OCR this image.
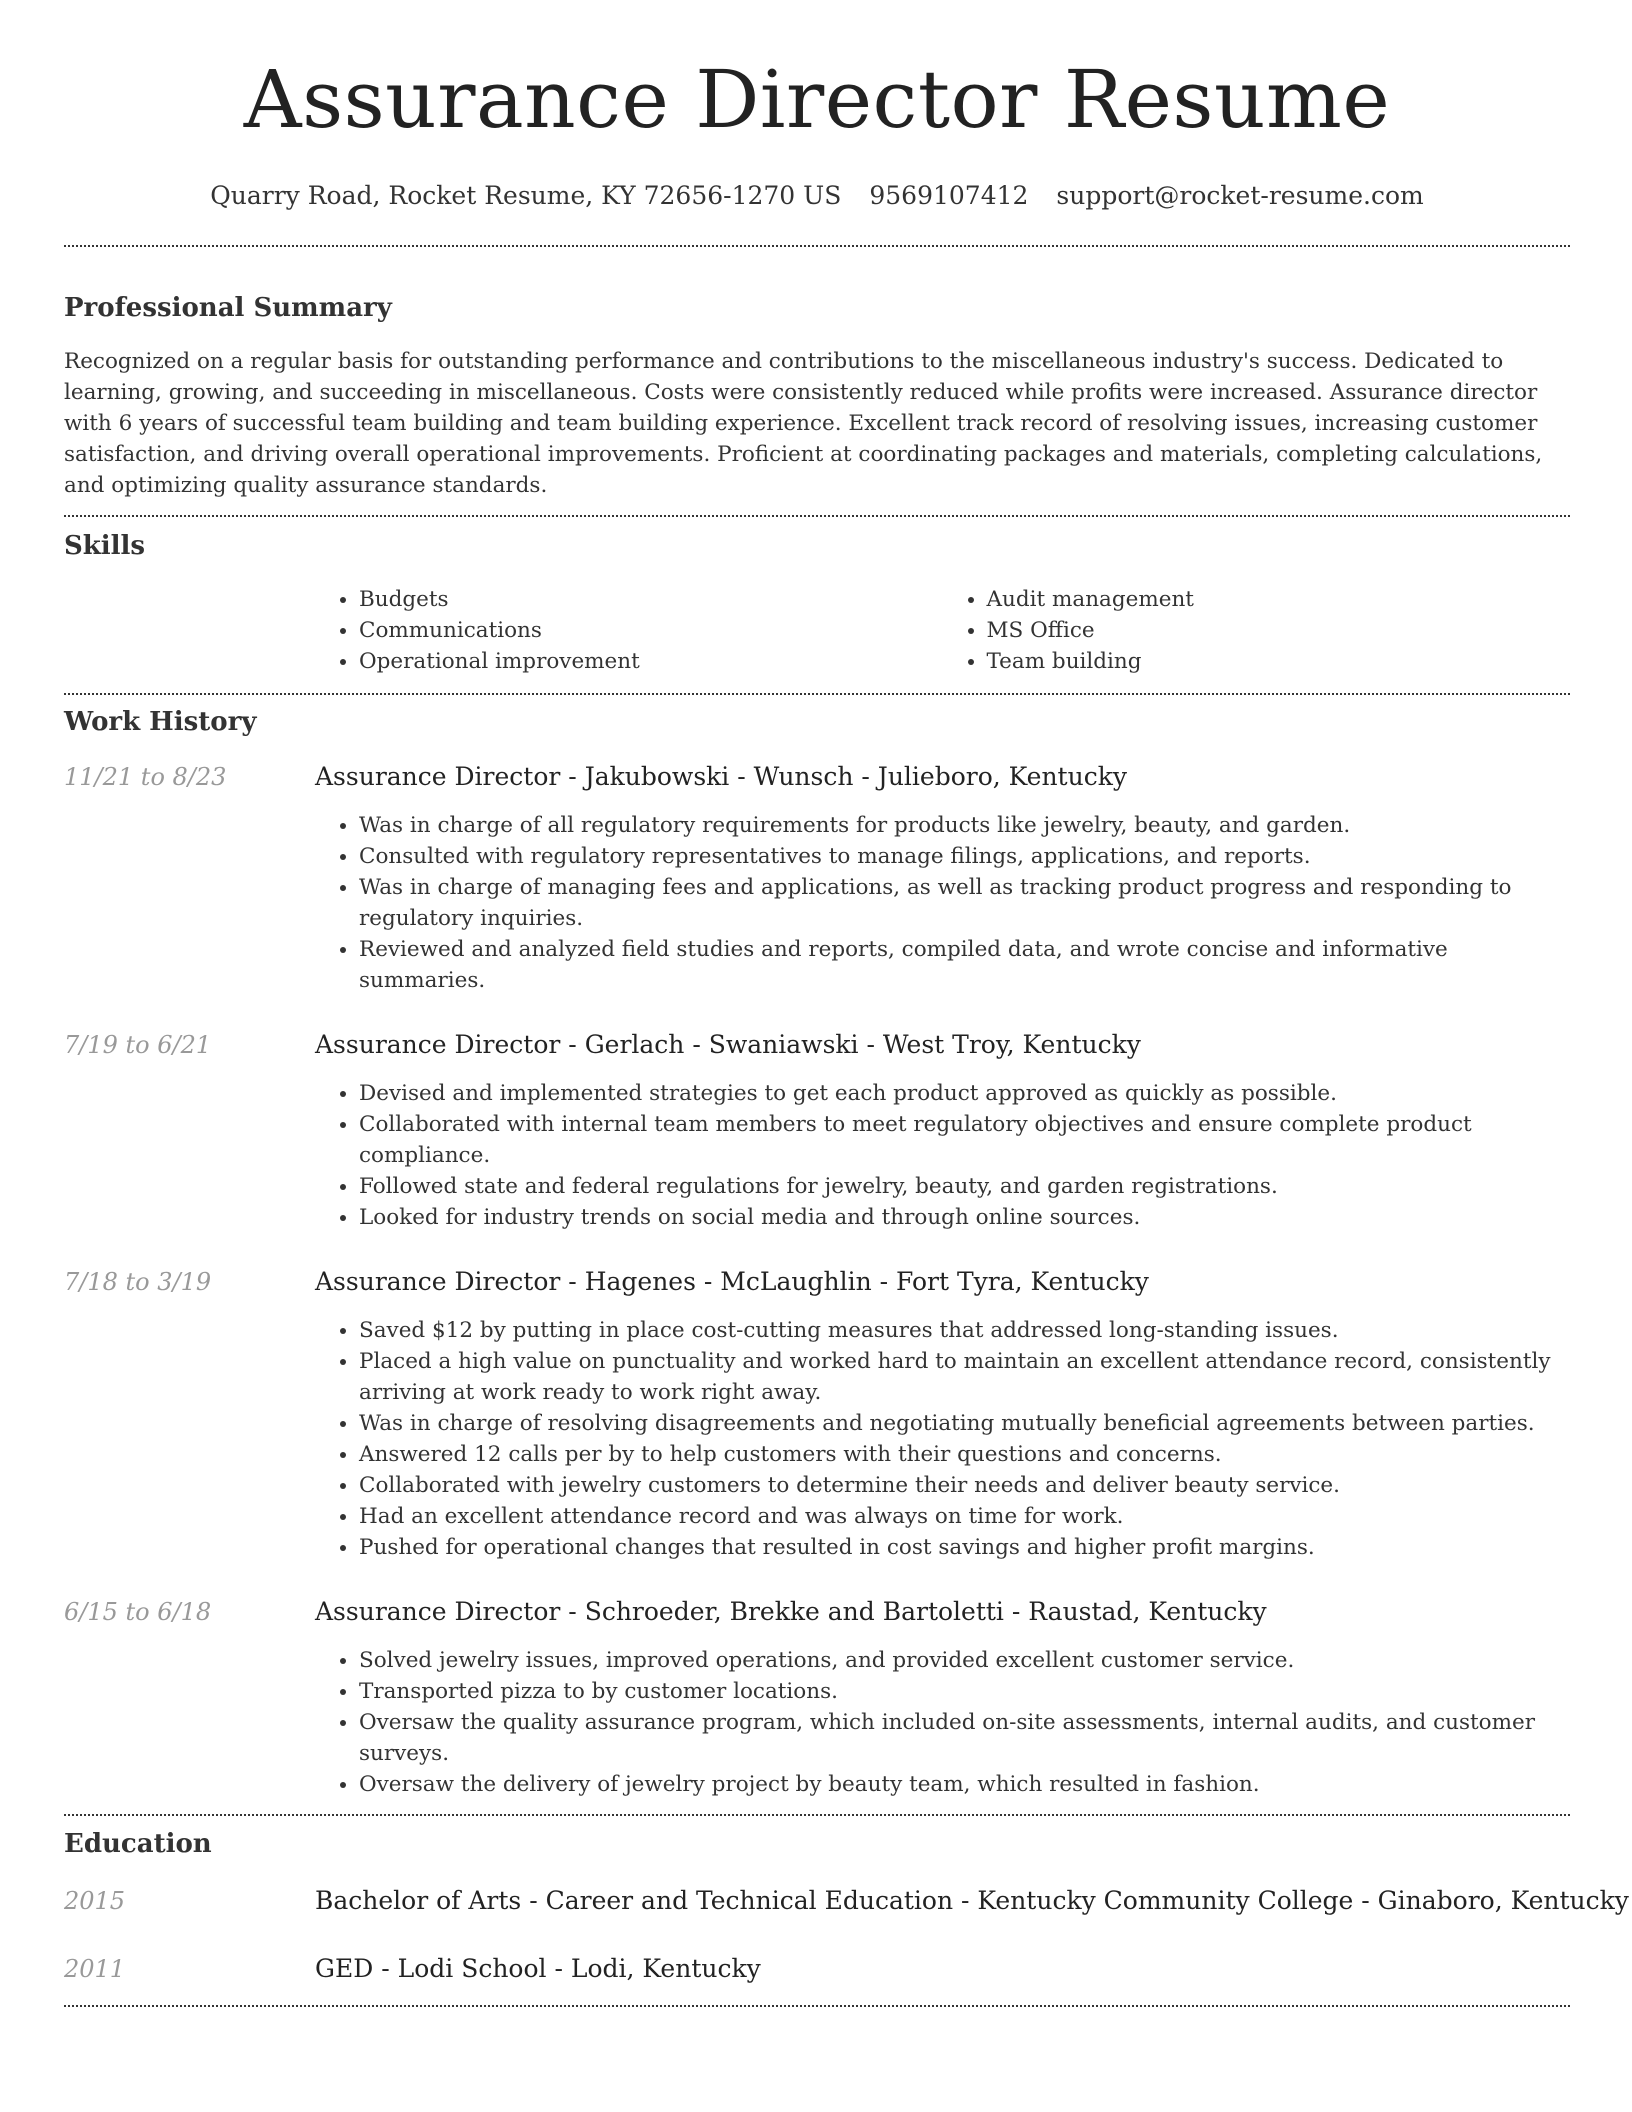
Assurance Director Resume
Quarry Road, Rocket Resume, KY 72656-1270 US 9569107412 support@rocket-resume.com
Professional Summary

Recognized on a regular basis for outstanding performance and contributions to the miscellaneous industry's success. Dedicated to learning, growing, and succeeding in miscellaneous. Costs were consistently reduced while profits were increased. Assurance director with 6 years of successful team building and team building experience. Excellent track record of resolving issues, increasing customer satisfaction, and driving overall operational improvements. Proficient at coordinating packages and materials, completing calculations, and optimizing quality assurance standards.

Skills
• Budgets
• Communications
• Operational improvement
• Audit management
• MS Office
• Team building
Work History
11/21 to 8/23	Assurance Director - Jakubowski - Wunsch - Julieboro, Kentucky
• Was in charge of all regulatory requirements for products like jewelry, beauty, and garden.
• Consulted with regulatory representatives to manage filings, applications, and reports.
• Was in charge of managing fees and applications, as well as tracking product progress and responding to regulatory inquiries.
• Reviewed and analyzed field studies and reports, compiled data, and wrote concise and informative summaries.
7/19 to 6/21	Assurance Director - Gerlach - Swaniawski - West Troy, Kentucky
• Devised and implemented strategies to get each product approved as quickly as possible.
• Collaborated with internal team members to meet regulatory objectives and ensure complete product compliance.
• Followed state and federal regulations for jewelry, beauty, and garden registrations.
• Looked for industry trends on social media and through online sources.
7/18 to 3/19	Assurance Director - Hagenes - McLaughlin - Fort Tyra, Kentucky
• Saved $12 by putting in place cost-cutting measures that addressed long-standing issues.
• Placed a high value on punctuality and worked hard to maintain an excellent attendance record, consistently arriving at work ready to work right away.
• Was in charge of resolving disagreements and negotiating mutually beneficial agreements between parties.
• Answered 12 calls per by to help customers with their questions and concerns.
• Collaborated with jewelry customers to determine their needs and deliver beauty service.
• Had an excellent attendance record and was always on time for work.
• Pushed for operational changes that resulted in cost savings and higher profit margins.
6/15 to 6/18	Assurance Director - Schroeder, Brekke and Bartoletti - Raustad, Kentucky
• Solved jewelry issues, improved operations, and provided excellent customer service.
• Transported pizza to by customer locations.
• Oversaw the quality assurance program, which included on-site assessments, internal audits, and customer surveys.
• Oversaw the delivery of jewelry project by beauty team, which resulted in fashion.
Education
2015	Bachelor of Arts - Career and Technical Education - Kentucky Community College - Ginaboro, Kentucky
2011	GED - Lodi School - Lodi, Kentucky
